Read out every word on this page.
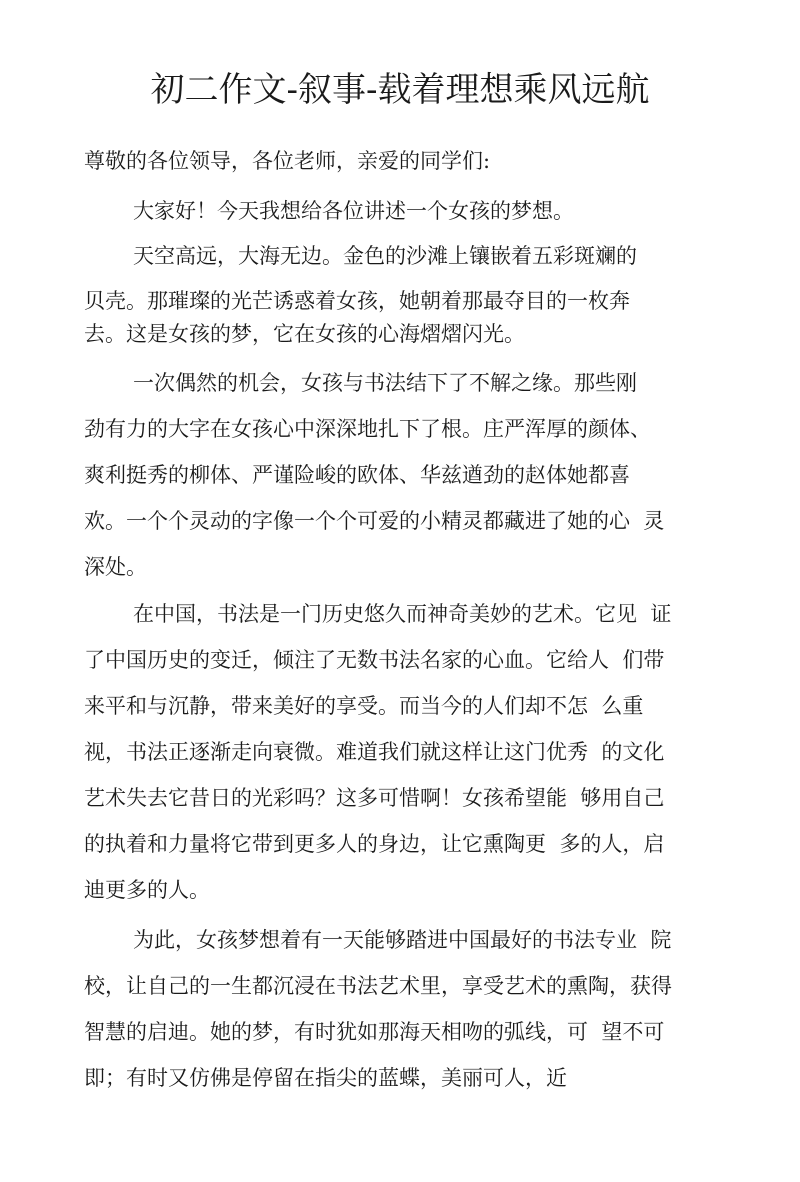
初二作文-叙事-载着理想乘风远航
尊敬的各位领导，各位老师，亲爱的同学们:
大家好！今天我想给各位讲述一个女孩的梦想。
天空高远，大海无边。金色的沙滩上镶嵌着五彩斑斓的
贝壳。那璀璨的光芒诱惑着女孩，她朝着那最夺目的一枚奔
去。这是女孩的梦，它在女孩的心海熠熠闪光。
一次偶然的机会，女孩与书法结下了不解之缘。那些刚
劲有力的大字在女孩心中深深地扎下了根。庄严浑厚的颜体、
爽利挺秀的柳体、严谨险峻的欧体、华兹遒劲的赵体她都喜
欢。一个个灵动的字像一个个可爱的小精灵都藏进了她的心  灵
深处。
在中国，书法是一门历史悠久而神奇美妙的艺术。它见  证
了中国历史的变迁，倾注了无数书法名家的心血。它给人  们带
来平和与沉静，带来美好的享受。而当今的人们却不怎  么重
视，书法正逐渐走向衰微。难道我们就这样让这门优秀  的文化
艺术失去它昔日的光彩吗？这多可惜啊！女孩希望能  够用自己
的执着和力量将它带到更多人的身边，让它熏陶更  多的人，启
迪更多的人。
为此，女孩梦想着有一天能够踏进中国最好的书法专业  院
校，让自己的一生都沉浸在书法艺术里，享受艺术的熏陶，获得
智慧的启迪。她的梦，有时犹如那海天相吻的弧线，可  望不可
即；有时又仿佛是停留在指尖的蓝蝶，美丽可人，近
